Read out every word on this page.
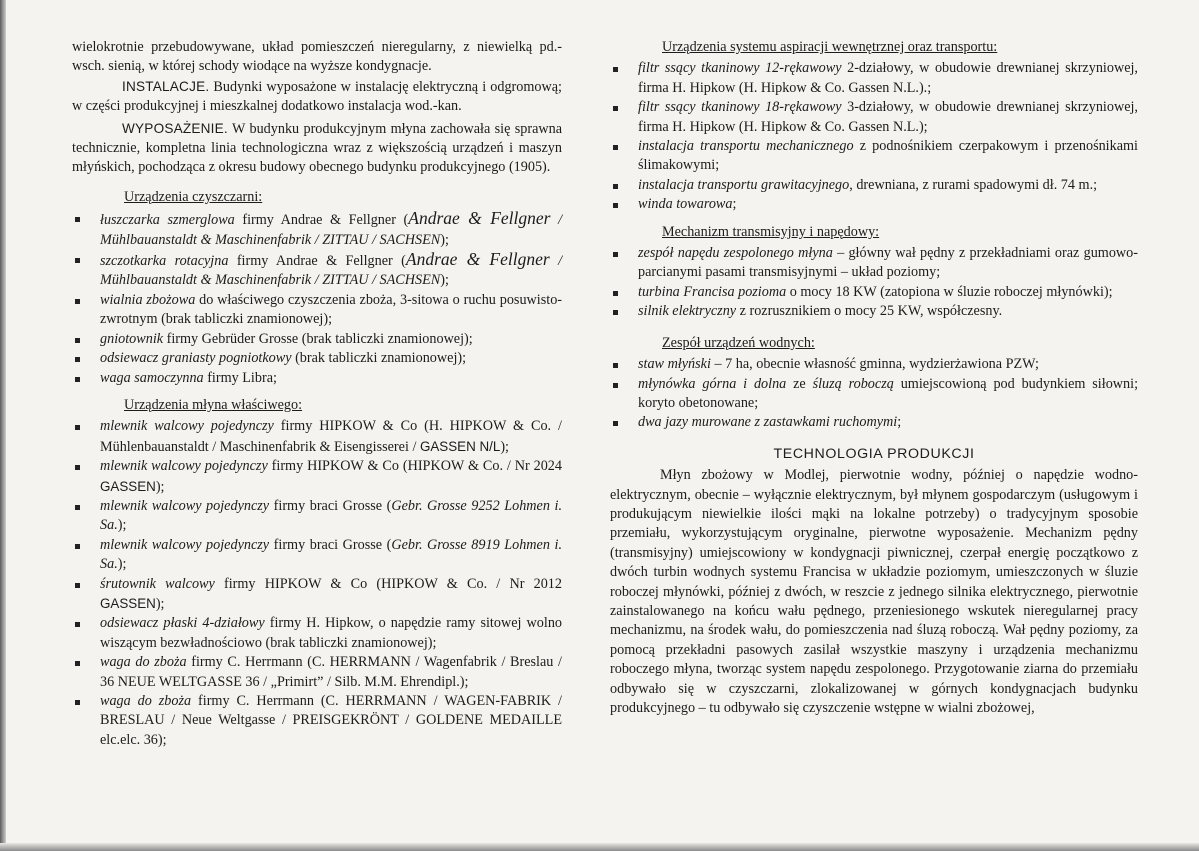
wielokrotnie przebudowywane, układ pomieszczeń nieregularny, z niewielką pd.-wsch. sienią, w której schody wiodące na wyższe kondygnacje.

INSTALACJE. Budynki wyposażone w instalację elektryczną i odgromową; w części produkcyjnej i mieszkalnej dodatkowo instalacja wod.-kan.

WYPOSAŻENIE. W budynku produkcyjnym młyna zachowała się sprawna technicznie, kompletna linia technologiczna wraz z większością urządzeń i maszyn młyńskich, pochodząca z okresu budowy obecnego budynku produkcyjnego (1905).

Urządzenia czyszczarni:

łuszczarka szmerglowa firmy Andrae & Fellgner (Andrae & Fellgner / Mühlbauanstaldt & Maschinenfabrik / ZITTAU / SACHSEN);
szczotkarka rotacyjna firmy Andrae & Fellgner (Andrae & Fellgner / Mühlbauanstaldt & Maschinenfabrik / ZITTAU / SACHSEN);
wialnia zbożowa do właściwego czyszczenia zboża, 3-sitowa o ruchu posuwisto-zwrotnym (brak tabliczki znamionowej);
gniotownik firmy Gebrüder Grosse (brak tabliczki znamionowej);
odsiewacz graniasty pogniotkowy (brak tabliczki znamionowej);
waga samoczynna firmy Libra;

Urządzenia młyna właściwego:

mlewnik walcowy pojedynczy firmy HIPKOW & Co (H. HIPKOW & Co. / Mühlenbauanstaldt / Maschinenfabrik & Eisengisserei / GASSEN N/L);
mlewnik walcowy pojedynczy firmy HIPKOW & Co (HIPKOW & Co. / Nr 2024 GASSEN);
mlewnik walcowy pojedynczy firmy braci Grosse (Gebr. Grosse 9252 Lohmen i. Sa.);
mlewnik walcowy pojedynczy firmy braci Grosse (Gebr. Grosse 8919 Lohmen i. Sa.);
śrutownik walcowy firmy HIPKOW & Co (HIPKOW & Co. / Nr 2012 GASSEN);
odsiewacz płaski 4-działowy firmy H. Hipkow, o napędzie ramy sitowej wolno wiszącym bezwładnościowo (brak tabliczki znamionowej);
waga do zboża firmy C. Herrmann (C. HERRMANN / Wagenfabrik / Breslau / 36 NEUE WELTGASSE 36 / „Primirt” / Silb. M.M. Ehrendipl.);
waga do zboża firmy C. Herrmann (C. HERRMANN / WAGEN-FABRIK / BRESLAU / Neue Weltgasse / PREISGEKRÖNT / GOLDENE MEDAILLE elc.elc. 36);

Urządzenia systemu aspiracji wewnętrznej oraz transportu:

filtr ssący tkaninowy 12-rękawowy 2-działowy, w obudowie drewnianej skrzyniowej, firma H. Hipkow (H. Hipkow & Co. Gassen N.L.).;
filtr ssący tkaninowy 18-rękawowy 3-działowy, w obudowie drewnianej skrzyniowej, firma H. Hipkow (H. Hipkow & Co. Gassen N.L.);
instalacja transportu mechanicznego z podnośnikiem czerpakowym i przenośnikami ślimakowymi;
instalacja transportu grawitacyjnego, drewniana, z rurami spadowymi dł. 74 m.;
winda towarowa;

Mechanizm transmisyjny i napędowy:

zespół napędu zespolonego młyna – główny wał pędny z przekładniami oraz gumowo-parcianymi pasami transmisyjnymi – układ poziomy;
turbina Francisa pozioma o mocy 18 KW (zatopiona w śluzie roboczej młynówki);
silnik elektryczny z rozrusznikiem o mocy 25 KW, współczesny.

Zespół urządzeń wodnych:

staw młyński – 7 ha, obecnie własność gminna, wydzierżawiona PZW;
młynówka górna i dolna ze śluzą roboczą umiejscowioną pod budynkiem siłowni; koryto obetonowane;
dwa jazy murowane z zastawkami ruchomymi;

TECHNOLOGIA PRODUKCJI

Młyn zbożowy w Modlej, pierwotnie wodny, później o napędzie wodno-elektrycznym, obecnie – wyłącznie elektrycznym, był młynem gospodarczym (usługowym i produkującym niewielkie ilości mąki na lokalne potrzeby) o tradycyjnym sposobie przemiału, wykorzystującym oryginalne, pierwotne wyposażenie. Mechanizm pędny (transmisyjny) umiejscowiony w kondygnacji piwnicznej, czerpał energię początkowo z dwóch turbin wodnych systemu Francisa w układzie poziomym, umieszczonych w śluzie roboczej młynówki, później z dwóch, w reszcie z jednego silnika elektrycznego, pierwotnie zainstalowanego na końcu wału pędnego, przeniesionego wskutek nieregularnej pracy mechanizmu, na środek wału, do pomieszczenia nad śluzą roboczą. Wał pędny poziomy, za pomocą przekładni pasowych zasilał wszystkie maszyny i urządzenia mechanizmu roboczego młyna, tworząc system napędu zespolonego. Przygotowanie ziarna do przemiału odbywało się w czyszczarni, zlokalizowanej w górnych kondygnacjach budynku produkcyjnego – tu odbywało się czyszczenie wstępne w wialni zbożowej,
